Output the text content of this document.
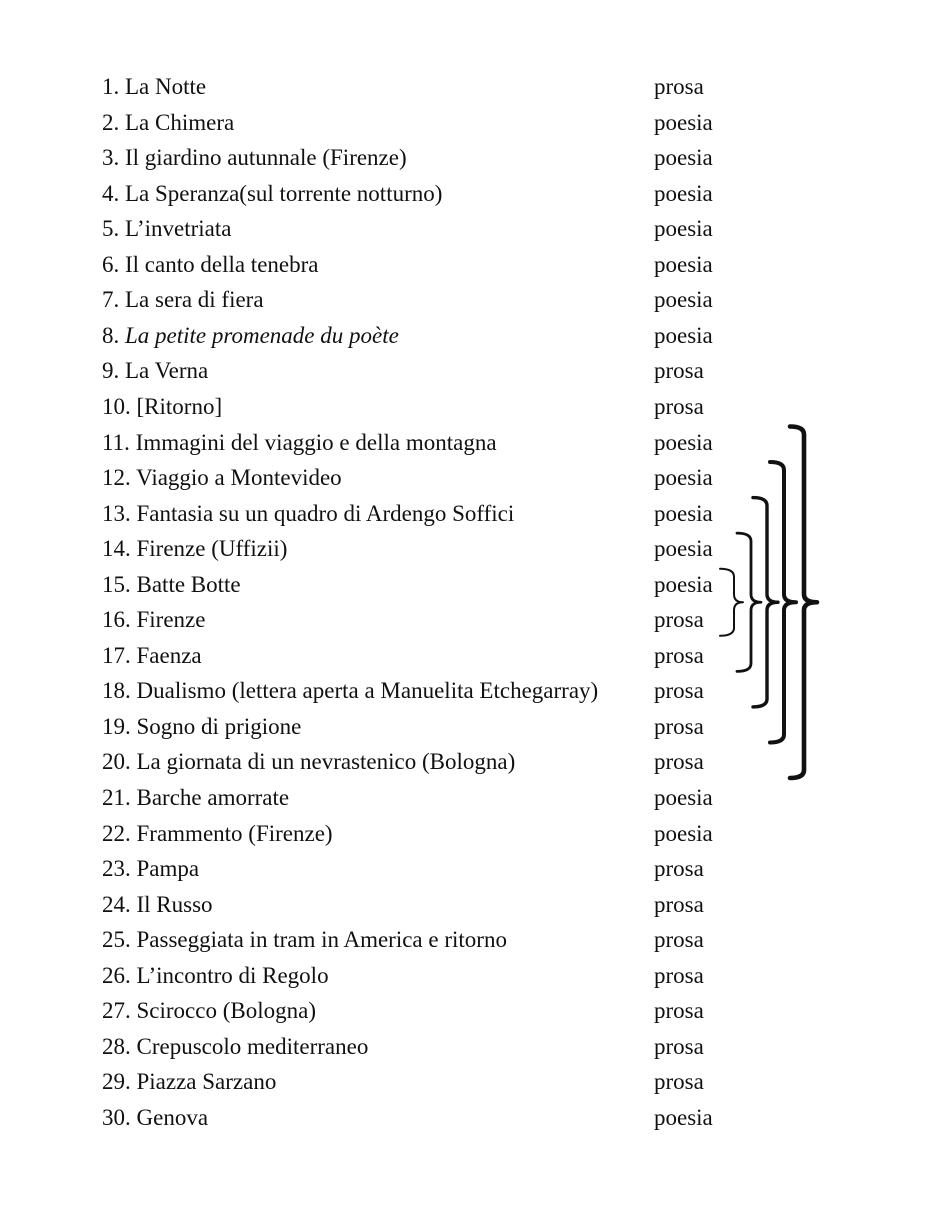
1. La Notte	prosa
2. La Chimera	poesia
3. Il giardino autunnale (Firenze)	poesia
4. La Speranza(sul torrente notturno)	poesia
5. L’invetriata	poesia
6. Il canto della tenebra	poesia
7. La sera di fiera	poesia
8. La petite promenade du poète	poesia
9. La Verna	prosa
10. [Ritorno]	prosa
11. Immagini del viaggio e della montagna	poesia
12. Viaggio a Montevideo	poesia
13. Fantasia su un quadro di Ardengo Soffici	poesia
14. Firenze (Uffizii)	poesia
15. Batte Botte	poesia
16. Firenze	prosa
17. Faenza	prosa
18. Dualismo (lettera aperta a Manuelita Etchegarray) prosa
19. Sogno di prigione	prosa
20. La giornata di un nevrastenico (Bologna)	prosa
21. Barche amorrate	poesia
22. Frammento (Firenze)	poesia
23. Pampa	prosa
24. Il Russo	prosa
25. Passeggiata in tram in America e ritorno	prosa
26. L’incontro di Regolo	prosa
27. Scirocco (Bologna)	prosa
28. Crepuscolo mediterraneo	prosa
29. Piazza Sarzano	prosa
30. Genova	poesia
